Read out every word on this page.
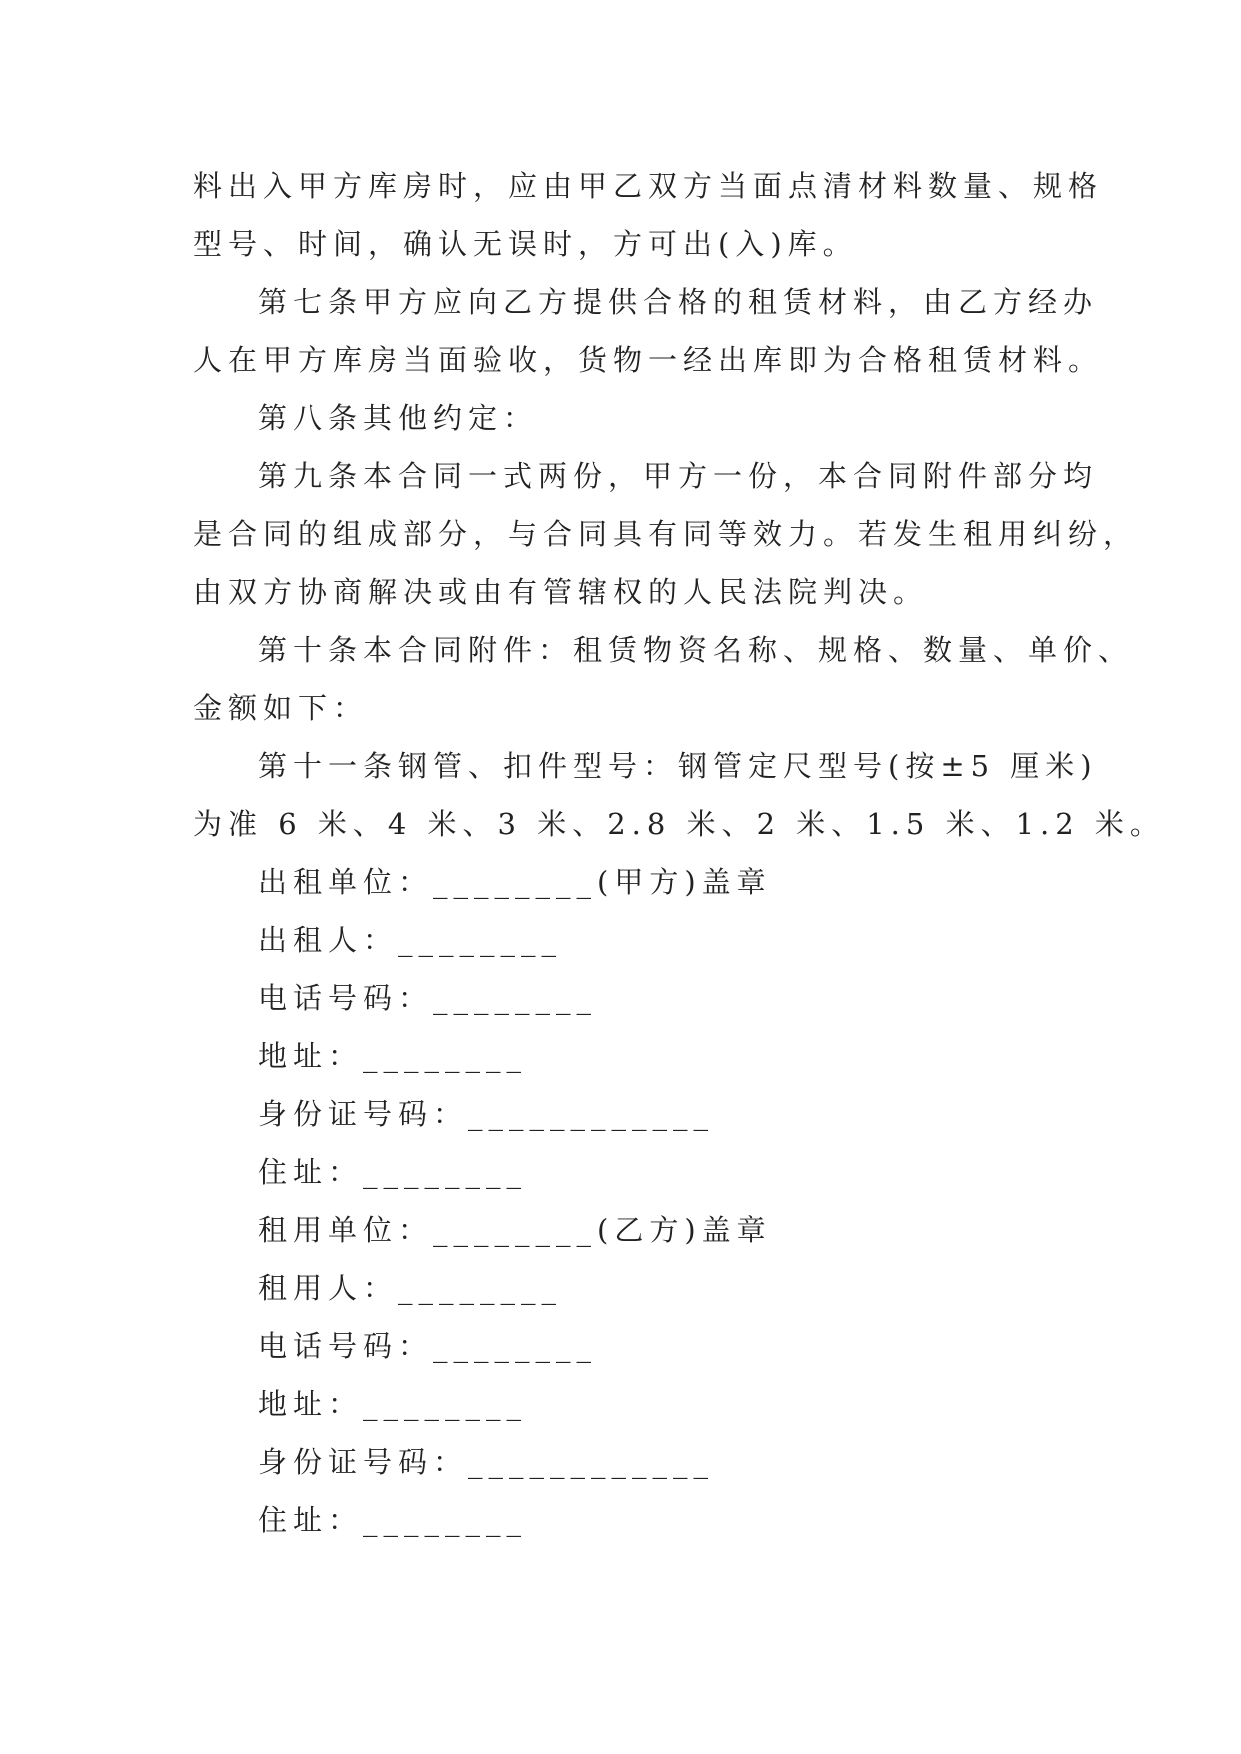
料出入甲方库房时，应由甲乙双方当面点清材料数量、规格
型号、时间，确认无误时，方可出(入)库。
第七条甲方应向乙方提供合格的租赁材料，由乙方经办
人在甲方库房当面验收，货物一经出库即为合格租赁材料。
第八条其他约定：
第九条本合同一式两份，甲方一份，本合同附件部分均
是合同的组成部分，与合同具有同等效力。若发生租用纠纷，
由双方协商解决或由有管辖权的人民法院判决。
第十条本合同附件：租赁物资名称、规格、数量、单价、
金额如下：
第十一条钢管、扣件型号：钢管定尺型号(按±5 厘米)
为准 6 米、4 米、3 米、2.8 米、2 米、1.5 米、1.2 米。
出租单位：________(甲方)盖章
出租人：________
电话号码：________
地址：________
身份证号码：____________
住址：________
租用单位：________(乙方)盖章
租用人：________
电话号码：________
地址：________
身份证号码：____________
住址：________
